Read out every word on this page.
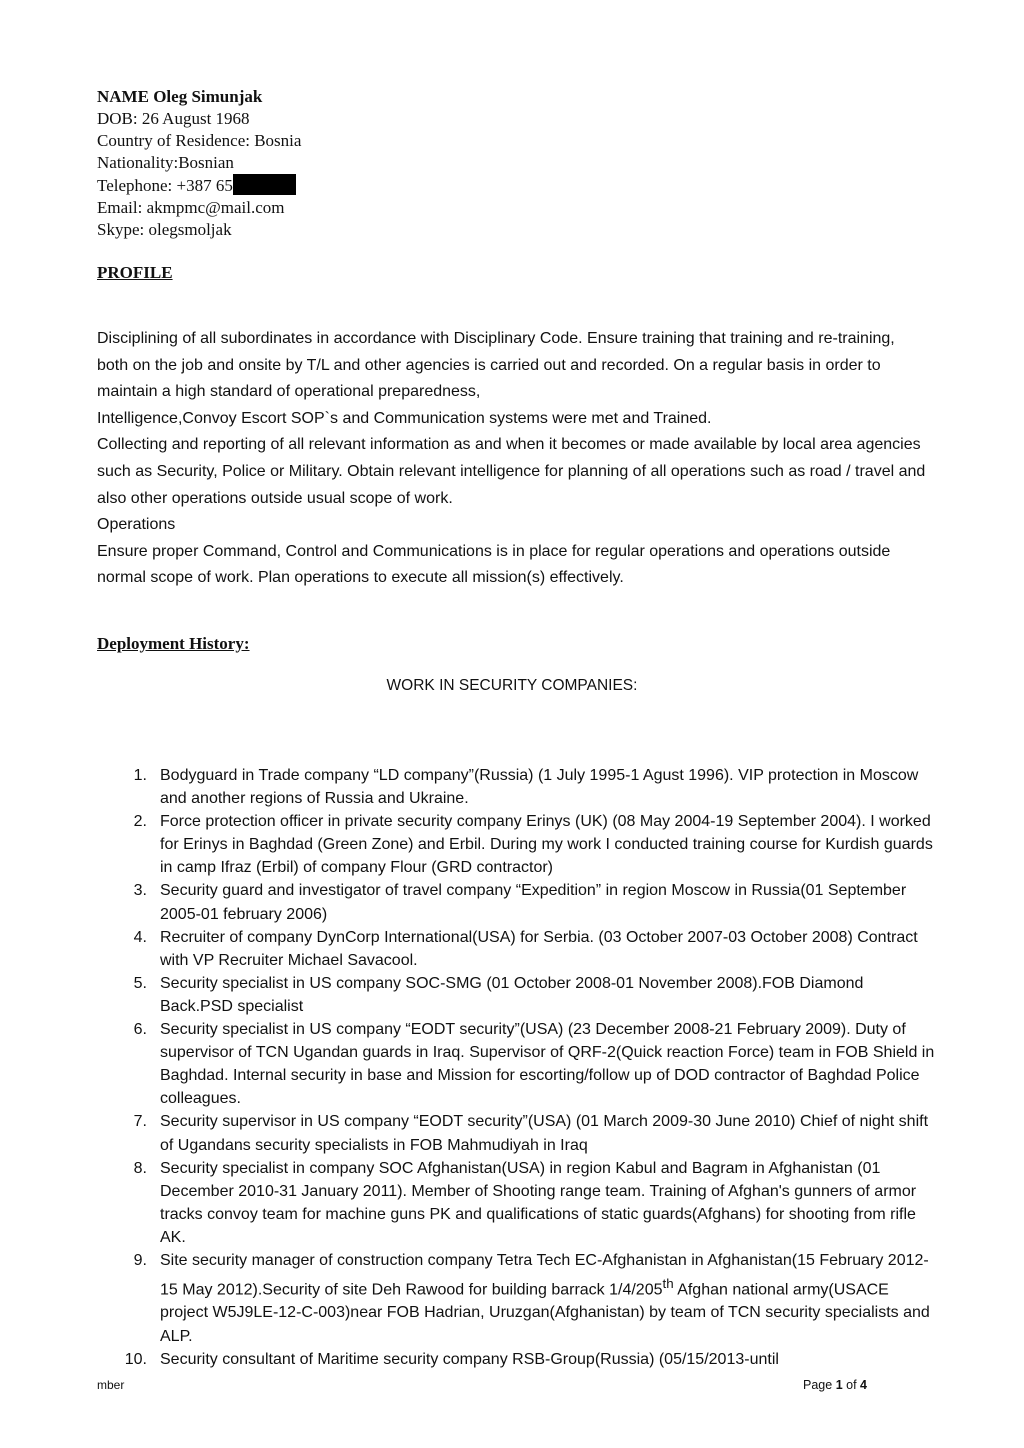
NAME Oleg Simunjak
DOB: 26 August 1968
Country of Residence: Bosnia
Nationality:Bosnian
Telephone: +387 65
Email: akmpmc@mail.com
Skype: olegsmoljak
PROFILE

Disciplining of all subordinates in accordance with Disciplinary Code. Ensure training that training and re-training, both on the job and onsite by T/L and other agencies is carried out and recorded. On a regular basis in order to maintain a high standard of operational preparedness,

Intelligence,Convoy Escort SOP`s and Communication systems were met and Trained.

Collecting and reporting of all relevant information as and when it becomes or made available by local area agencies such as Security, Police or Military. Obtain relevant intelligence for planning of all operations such as road / travel and also other operations outside usual scope of work.

Operations

Ensure proper Command, Control and Communications is in place for regular operations and operations outside normal scope of work. Plan operations to execute all mission(s) effectively.

Deployment History:
WORK IN SECURITY COMPANIES:
1. Bodyguard in Trade company “LD company”(Russia) (1 July 1995-1 Agust 1996). VIP protection in Moscow and another regions of Russia and Ukraine.
2. Force protection officer in private security company Erinys (UK) (08 May 2004-19 September 2004). I worked for Erinys in Baghdad (Green Zone) and Erbil. During my work I conducted training course for Kurdish guards in camp Ifraz (Erbil) of company Flour (GRD contractor)
3. Security guard and investigator of travel company “Expedition” in region Moscow in Russia(01 September 2005-01 february 2006)
4. Recruiter of company DynCorp International(USA) for Serbia. (03 October 2007-03 October 2008) Contract with VP Recruiter Michael Savacool.
5. Security specialist in US company SOC-SMG (01 October 2008-01 November 2008).FOB Diamond Back.PSD specialist
6. Security specialist in US company “EODT security”(USA) (23 December 2008-21 February 2009). Duty of supervisor of TCN Ugandan guards in Iraq. Supervisor of QRF-2(Quick reaction Force) team in FOB Shield in Baghdad. Internal security in base and Mission for escorting/follow up of DOD contractor of Baghdad Police colleagues.
7. Security supervisor in US company “EODT security”(USA) (01 March 2009-30 June 2010) Chief of night shift of Ugandans security specialists in FOB Mahmudiyah in Iraq
8. Security specialist in company SOC Afghanistan(USA) in region Kabul and Bagram in Afghanistan (01 December 2010-31 January 2011). Member of Shooting range team. Training of Afghan's gunners of armor tracks convoy team for machine guns PK and qualifications of static guards(Afghans) for shooting from rifle AK.
9. Site security manager of construction company Tetra Tech EC-Afghanistan in Afghanistan(15 February 2012- 15 May 2012).Security of site Deh Rawood for building barrack 1/4/205th Afghan national army(USACE project W5J9LE-12-C-003)near FOB Hadrian, Uruzgan(Afghanistan) by team of TCN security specialists and ALP.
10. Security consultant of Maritime security company RSB-Group(Russia) (05/15/2013-until
mber	Page 1 of 4
